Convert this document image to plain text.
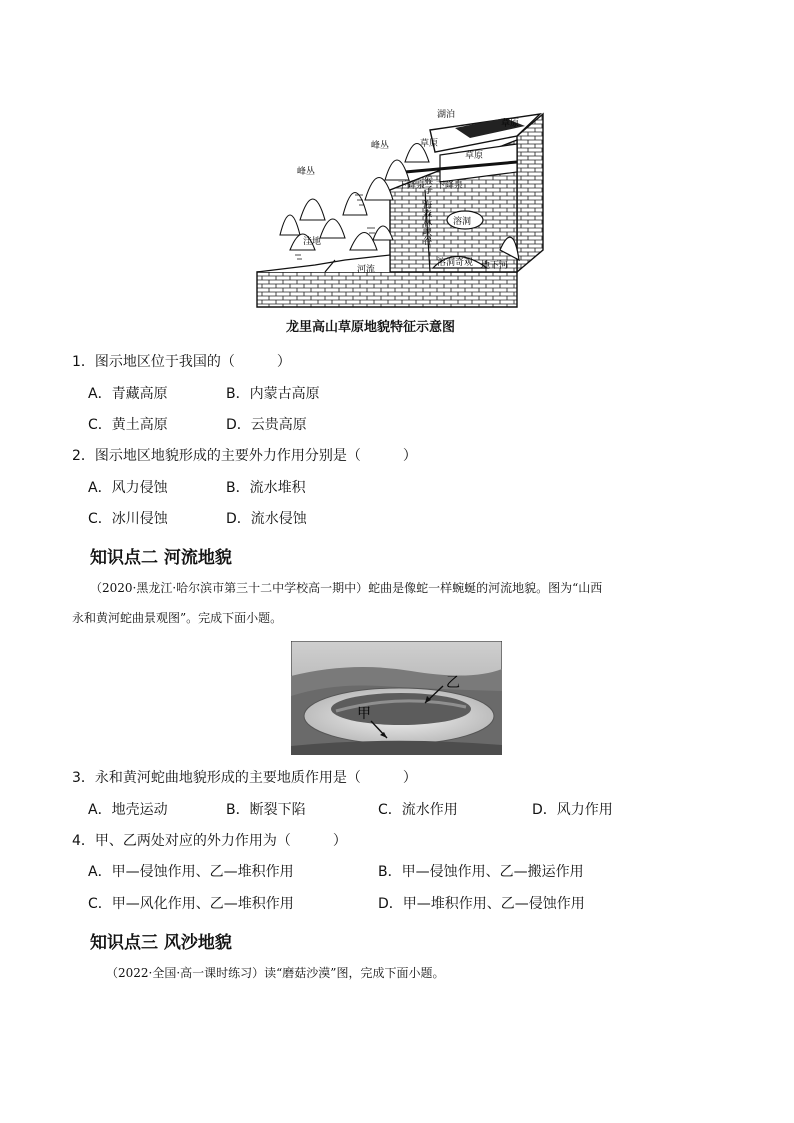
湖泊
草原
峰丛	草原
草原
峰丛
猴子
下降泉 下降泉
海森林峡谷 溶洞
洼地
河流
溶洞奇观 地下河
龙里高山草原地貌特征示意图
1．图示地区位于我国的（　　　）
A．青藏高原	B．内蒙古高原
C．黄土高原	D．云贵高原
2．图示地区地貌形成的主要外力作用分别是（　　　）
A．风力侵蚀	B．流水堆积
C．冰川侵蚀	D．流水侵蚀
知识点二 河流地貌
（2020·黑龙江·哈尔滨市第三十二中学校高一期中）蛇曲是像蛇一样蜿蜒的河流地貌。图为“山西
永和黄河蛇曲景观图”。完成下面小题。
乙
甲
3．永和黄河蛇曲地貌形成的主要地质作用是（　　　）
A．地壳运动	B．断裂下陷	C．流水作用	D．风力作用
4．甲、乙两处对应的外力作用为（　　　）
A．甲—侵蚀作用、乙—堆积作用	B．甲—侵蚀作用、乙—搬运作用
C．甲—风化作用、乙—堆积作用	D．甲—堆积作用、乙—侵蚀作用
知识点三 风沙地貌
（2022·全国·高一课时练习）读“磨菇沙漠”图，完成下面小题。
